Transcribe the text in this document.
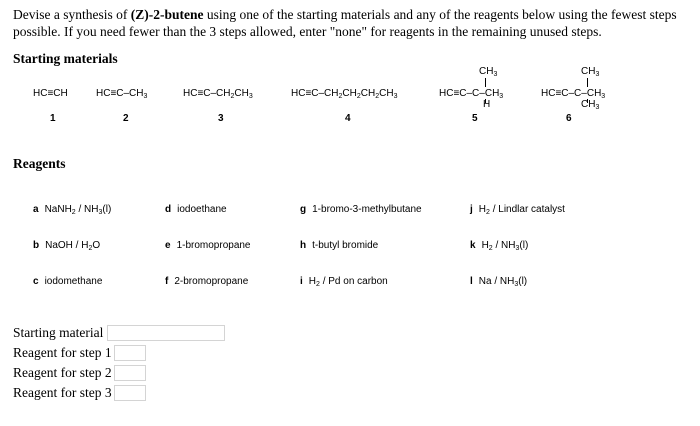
Devise a synthesis of (Z)-2-butene using one of the starting materials and any of the reagents below using the fewest steps possible. If you need fewer than the 3 steps allowed, enter "none" for reagents in the remaining unused steps.
Starting materials
HC≡CH	$HC\equiv C-CH_3$	$HC\equiv C-CH_2CH_3$	$HC\equiv C-CH_2CH_2CH_2CH_3$
$CH_3$
$HC\equiv C-C-CH_3$
H
$CH_3$
$HC\equiv C-C-CH_3$
$CH_3$
1	2	3	4	5	6
Reagents
a NaNH$_2$ / $NH_3(l)$
b NaOH / $H_2O$
c iodomethane
d iodoethane
e 1-bromopropane
f 2-bromopropane
g 1-bromo-3-methylbutane
h t-butyl bromide
i $H_2$ / Pd on carbon
j $H_2$ / Lindlar catalyst
k $H_2 / NH_3(l)$
l Na / $NH_3(l)$
Starting material
Reagent for step 1
Reagent for step 2
Reagent for step 3
